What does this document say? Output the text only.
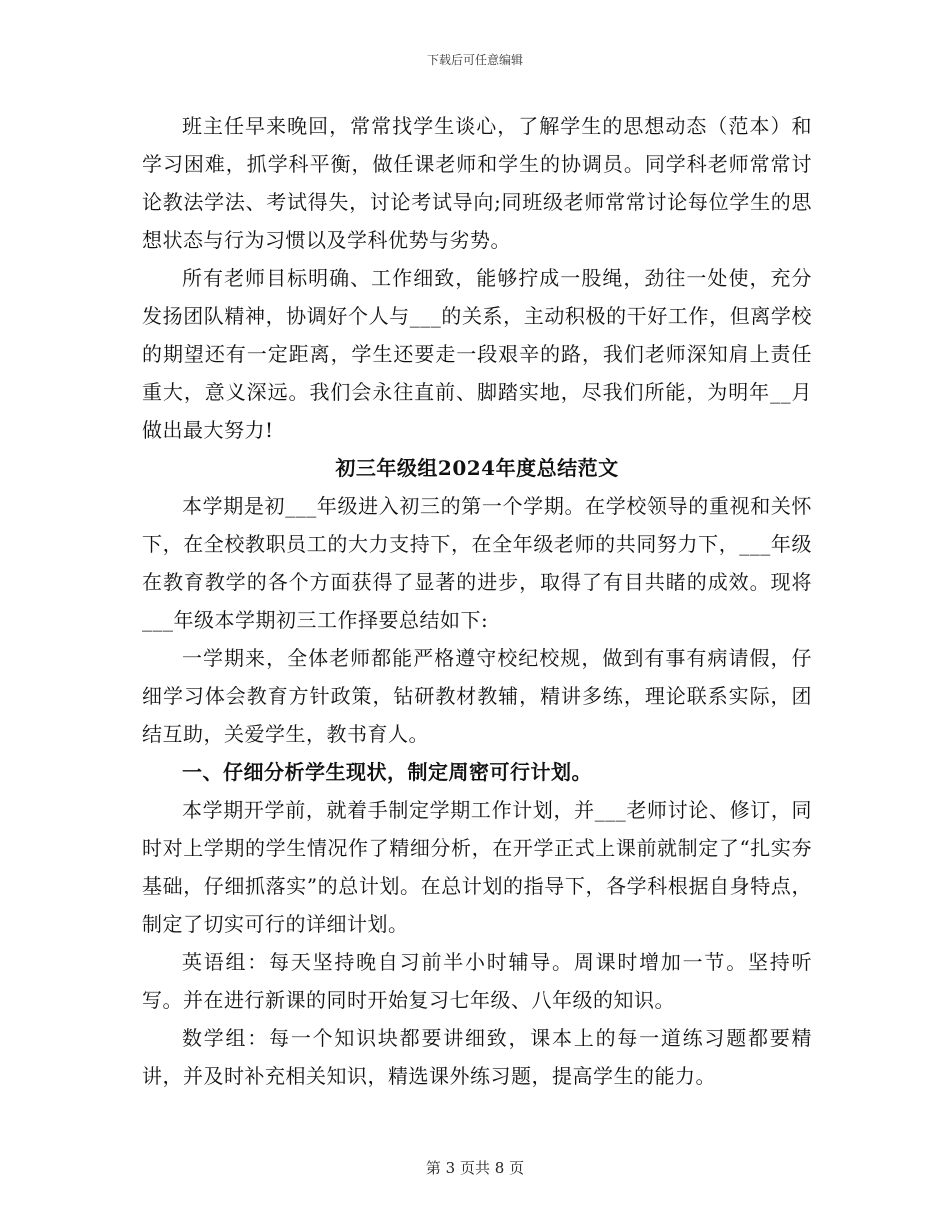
下载后可任意编辑

班主任早来晚回，常常找学生谈心，了解学生的思想动态（范本）和学习困难，抓学科平衡，做任课老师和学生的协调员。同学科老师常常讨论教法学法、考试得失，讨论考试导向;同班级老师常常讨论每位学生的思想状态与行为习惯以及学科优势与劣势。

所有老师目标明确、工作细致，能够拧成一股绳，劲往一处使，充分发扬团队精神，协调好个人与___的关系，主动积极的干好工作，但离学校的期望还有一定距离，学生还要走一段艰辛的路，我们老师深知肩上责任重大，意义深远。我们会永往直前、脚踏实地，尽我们所能，为明年__月做出最大努力!

初三年级组2024年度总结范文

本学期是初___年级进入初三的第一个学期。在学校领导的重视和关怀下，在全校教职员工的大力支持下，在全年级老师的共同努力下，___年级在教育教学的各个方面获得了显著的进步，取得了有目共睹的成效。现将___年级本学期初三工作择要总结如下:

一学期来，全体老师都能严格遵守校纪校规，做到有事有病请假，仔细学习体会教育方针政策，钻研教材教辅，精讲多练，理论联系实际，团结互助，关爱学生，教书育人。

一、仔细分析学生现状，制定周密可行计划。

本学期开学前，就着手制定学期工作计划，并___老师讨论、修订，同时对上学期的学生情况作了精细分析，在开学正式上课前就制定了“扎实夯基础，仔细抓落实”的总计划。在总计划的指导下，各学科根据自身特点，制定了切实可行的详细计划。

英语组：每天坚持晚自习前半小时辅导。周课时增加一节。坚持听写。并在进行新课的同时开始复习七年级、八年级的知识。

数学组：每一个知识块都要讲细致，课本上的每一道练习题都要精讲，并及时补充相关知识，精选课外练习题，提高学生的能力。

第 3 页共 8 页
